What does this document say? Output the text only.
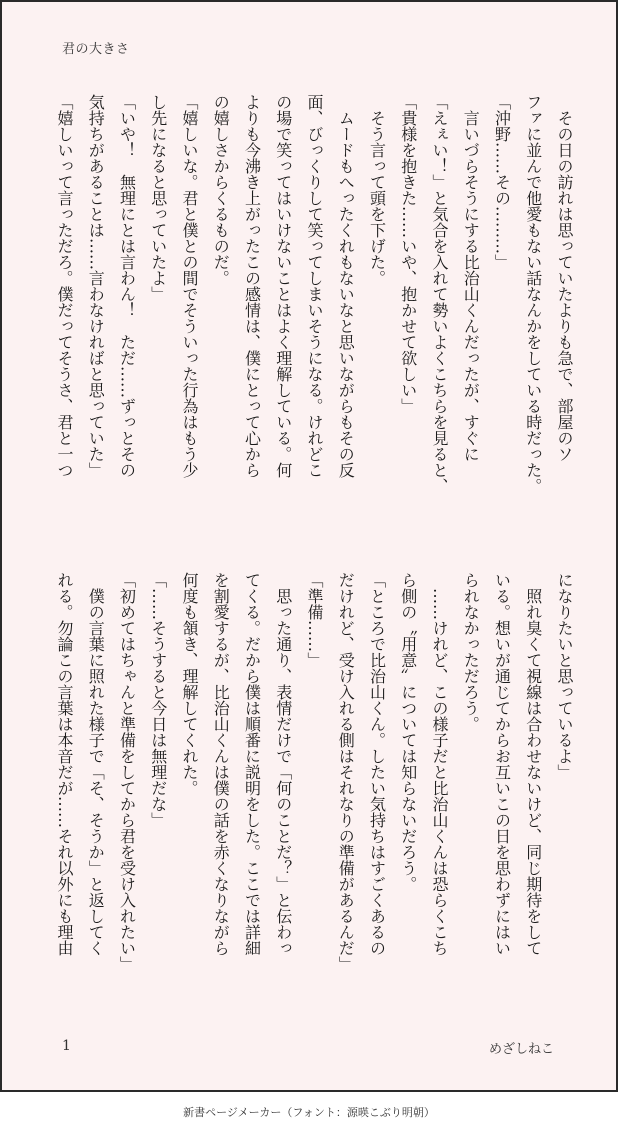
君の大きさ
　その日の訪れは思っていたよりも急で、部屋のソ
ファに並んで他愛もない話なんかをしている時だった。
「沖野……その………」
　言いづらそうにする比治山くんだったが、すぐに
「えぇい！」と気合を入れて勢いよくこちらを見ると、
「貴様を抱きた……いや、抱かせて欲しい」
　そう言って頭を下げた。
　ムードもへったくれもないなと思いながらもその反
面、びっくりして笑ってしまいそうになる。けれどこ
の場で笑ってはいけないことはよく理解している。何
よりも今沸き上がったこの感情は、僕にとって心から
の嬉しさからくるものだ。
「嬉しいな。君と僕との間でそういった行為はもう少
し先になると思っていたよ」
「いや！　無理にとは言わん！　ただ……ずっとその
気持ちがあることは……言わなければと思っていた」
「嬉しいって言っただろ。僕だってそうさ、君と一つ
になりたいと思っているよ」
　照れ臭くて視線は合わせないけど、同じ期待をして
いる。想いが通じてからお互いこの日を思わずにはい
られなかっただろう。
　……けれど、この様子だと比治山くんは恐らくこち
ら側の〝用意〟については知らないだろう。
「ところで比治山くん。したい気持ちはすごくあるの
だけれど、受け入れる側はそれなりの準備があるんだ」
「準備……」
　思った通り、表情だけで「何のことだ？」と伝わっ
てくる。だから僕は順番に説明をした。ここでは詳細
を割愛するが、比治山くんは僕の話を赤くなりながら
何度も頷き、理解してくれた。
「……そうすると今日は無理だな」
「初めてはちゃんと準備をしてから君を受け入れたい」
　僕の言葉に照れた様子で「そ、そうか」と返してく
れる。勿論この言葉は本音だが……それ以外にも理由
1	めざしねこ
新書ページメーカー（フォント：源暎こぶり明朝）
